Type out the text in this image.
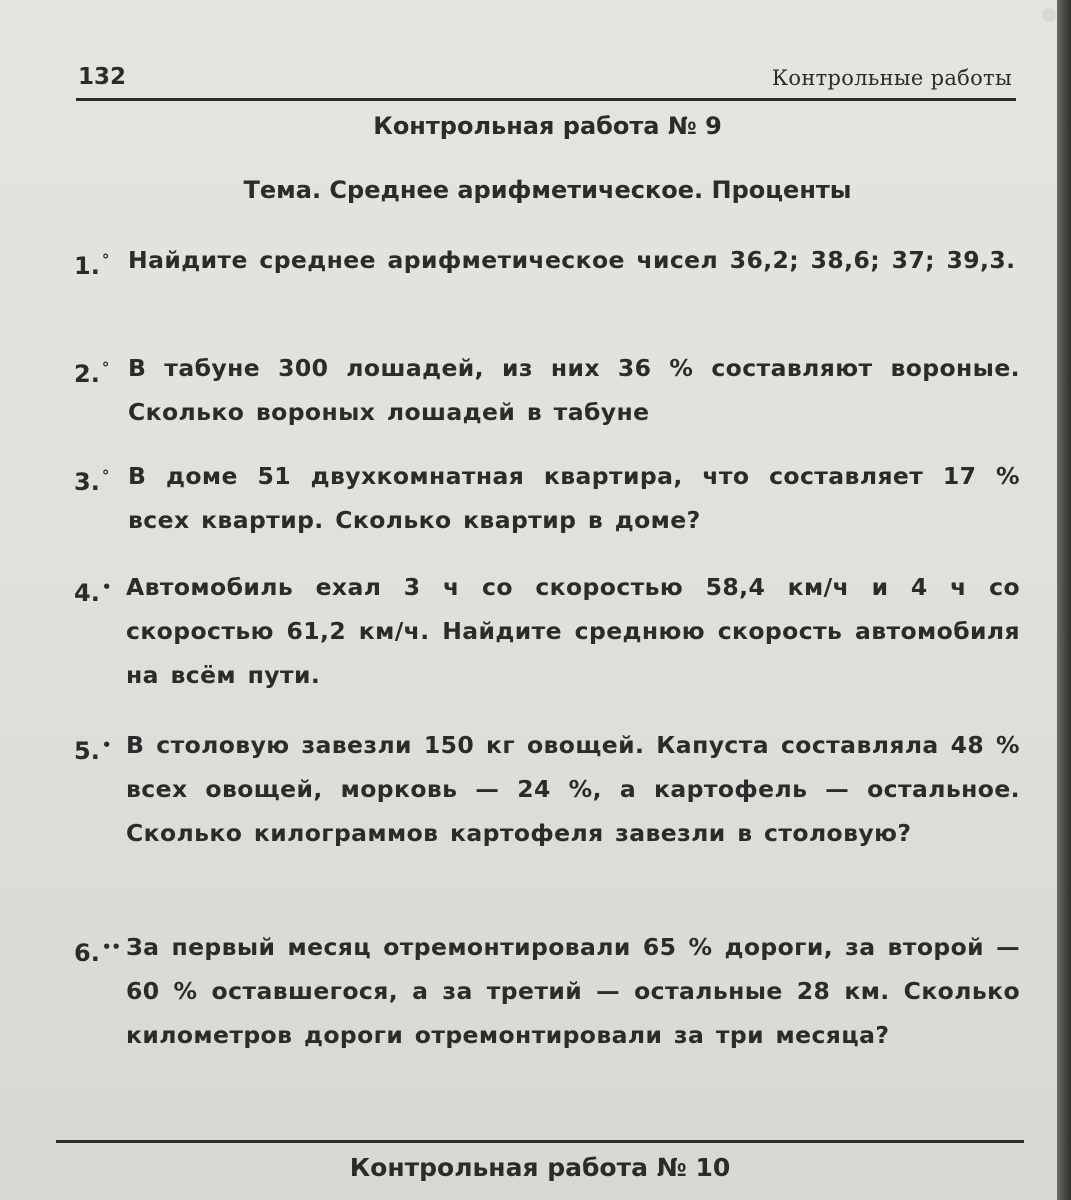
132	Контрольные работы
Контрольная работа № 9
Тема. Среднее арифметическое. Проценты
1. ° Найдите среднее арифметическое чисел 36,2; 38,6; 37; 39,3.
2. ° В табуне 300 лошадей, из них 36 % составляют вороные. Сколько вороных лошадей в табуне
3. ° В доме 51 двухкомнатная квартира, что составляет 17 % всех квартир. Сколько квартир в доме?
4. • Автомобиль ехал 3 ч со скоростью 58,4 км/ч и 4 ч со скоростью 61,2 км/ч. Найдите среднюю скорость автомобиля на всём пути.
5. • В столовую завезли 150 кг овощей. Капуста составляла 48 % всех овощей, морковь — 24 %, а картофель — остальное. Сколько килограммов картофеля завезли в столовую?
6. •• За первый месяц отремонтировали 65 % дороги, за второй — 60 % оставшегося, а за третий — остальные 28 км. Сколько километров дороги отремонтировали за три месяца?
Контрольная работа № 10
